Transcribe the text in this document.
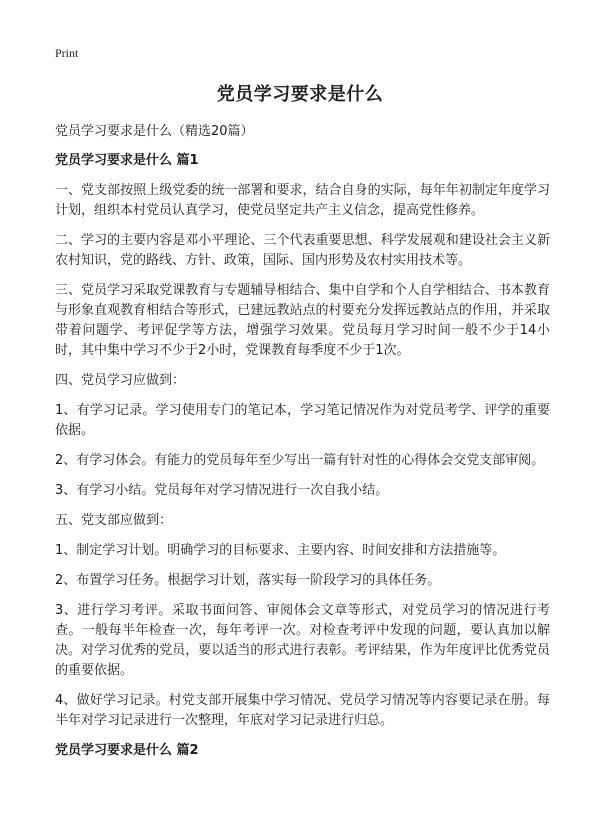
Print
党员学习要求是什么
党员学习要求是什么（精选20篇）
党员学习要求是什么 篇1
一、党支部按照上级党委的统一部署和要求，结合自身的实际，每年年初制定年度学习计划，组织本村党员认真学习，使党员坚定共产主义信念，提高党性修养。
二、学习的主要内容是邓小平理论、三个代表重要思想、科学发展观和建设社会主义新农村知识，党的路线、方针、政策，国际、国内形势及农村实用技术等。
三、党员学习采取党课教育与专题辅导相结合、集中自学和个人自学相结合、书本教育与形象直观教育相结合等形式，已建远教站点的村要充分发挥远教站点的作用，并采取带着问题学、考评促学等方法，增强学习效果。党员每月学习时间一般不少于14小时，其中集中学习不少于2小时，党课教育每季度不少于1次。
四、党员学习应做到：
1、有学习记录。学习使用专门的笔记本，学习笔记情况作为对党员考学、评学的重要依据。
2、有学习体会。有能力的党员每年至少写出一篇有针对性的心得体会交党支部审阅。
3、有学习小结。党员每年对学习情况进行一次自我小结。
五、党支部应做到：
1、制定学习计划。明确学习的目标要求、主要内容、时间安排和方法措施等。
2、布置学习任务。根据学习计划，落实每一阶段学习的具体任务。
3、进行学习考评。采取书面问答、审阅体会文章等形式，对党员学习的情况进行考查。一般每半年检查一次，每年考评一次。对检查考评中发现的问题，要认真加以解决。对学习优秀的党员，要以适当的形式进行表彰。考评结果，作为年度评比优秀党员的重要依据。
4、做好学习记录。村党支部开展集中学习情况、党员学习情况等内容要记录在册。每半年对学习记录进行一次整理，年底对学习记录进行归总。
党员学习要求是什么 篇2
